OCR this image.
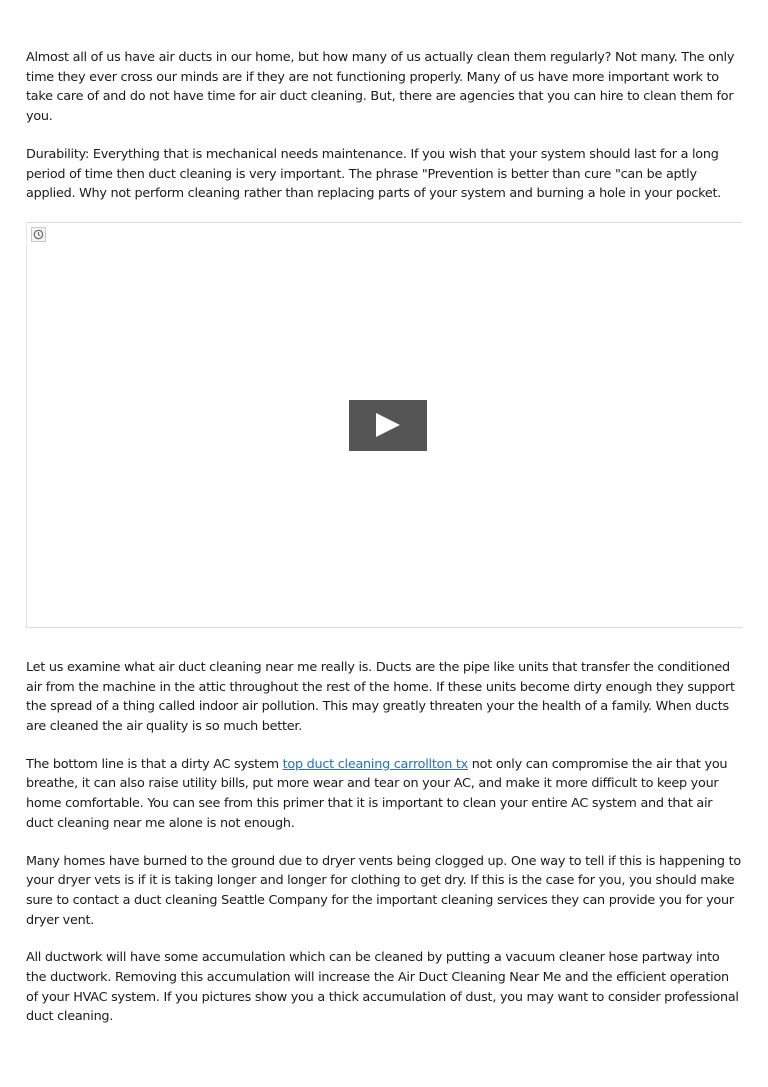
Almost all of us have air ducts in our home, but how many of us actually clean them regularly? Not many. The only time they ever cross our minds are if they are not functioning properly. Many of us have more important work to take care of and do not have time for air duct cleaning. But, there are agencies that you can hire to clean them for you.

Durability: Everything that is mechanical needs maintenance. If you wish that your system should last for a long period of time then duct cleaning is very important. The phrase "Prevention is better than cure "can be aptly applied. Why not perform cleaning rather than replacing parts of your system and burning a hole in your pocket.

Let us examine what air duct cleaning near me really is. Ducts are the pipe like units that transfer the conditioned air from the machine in the attic throughout the rest of the home. If these units become dirty enough they support the spread of a thing called indoor air pollution. This may greatly threaten your the health of a family. When ducts are cleaned the air quality is so much better.

The bottom line is that a dirty AC system top duct cleaning carrollton tx not only can compromise the air that you breathe, it can also raise utility bills, put more wear and tear on your AC, and make it more difficult to keep your home comfortable. You can see from this primer that it is important to clean your entire AC system and that air duct cleaning near me alone is not enough.

Many homes have burned to the ground due to dryer vents being clogged up. One way to tell if this is happening to your dryer vets is if it is taking longer and longer for clothing to get dry. If this is the case for you, you should make sure to contact a duct cleaning Seattle Company for the important cleaning services they can provide you for your dryer vent.

All ductwork will have some accumulation which can be cleaned by putting a vacuum cleaner hose partway into the ductwork. Removing this accumulation will increase the Air Duct Cleaning Near Me and the efficient operation of your HVAC system. If you pictures show you a thick accumulation of dust, you may want to consider professional duct cleaning.
